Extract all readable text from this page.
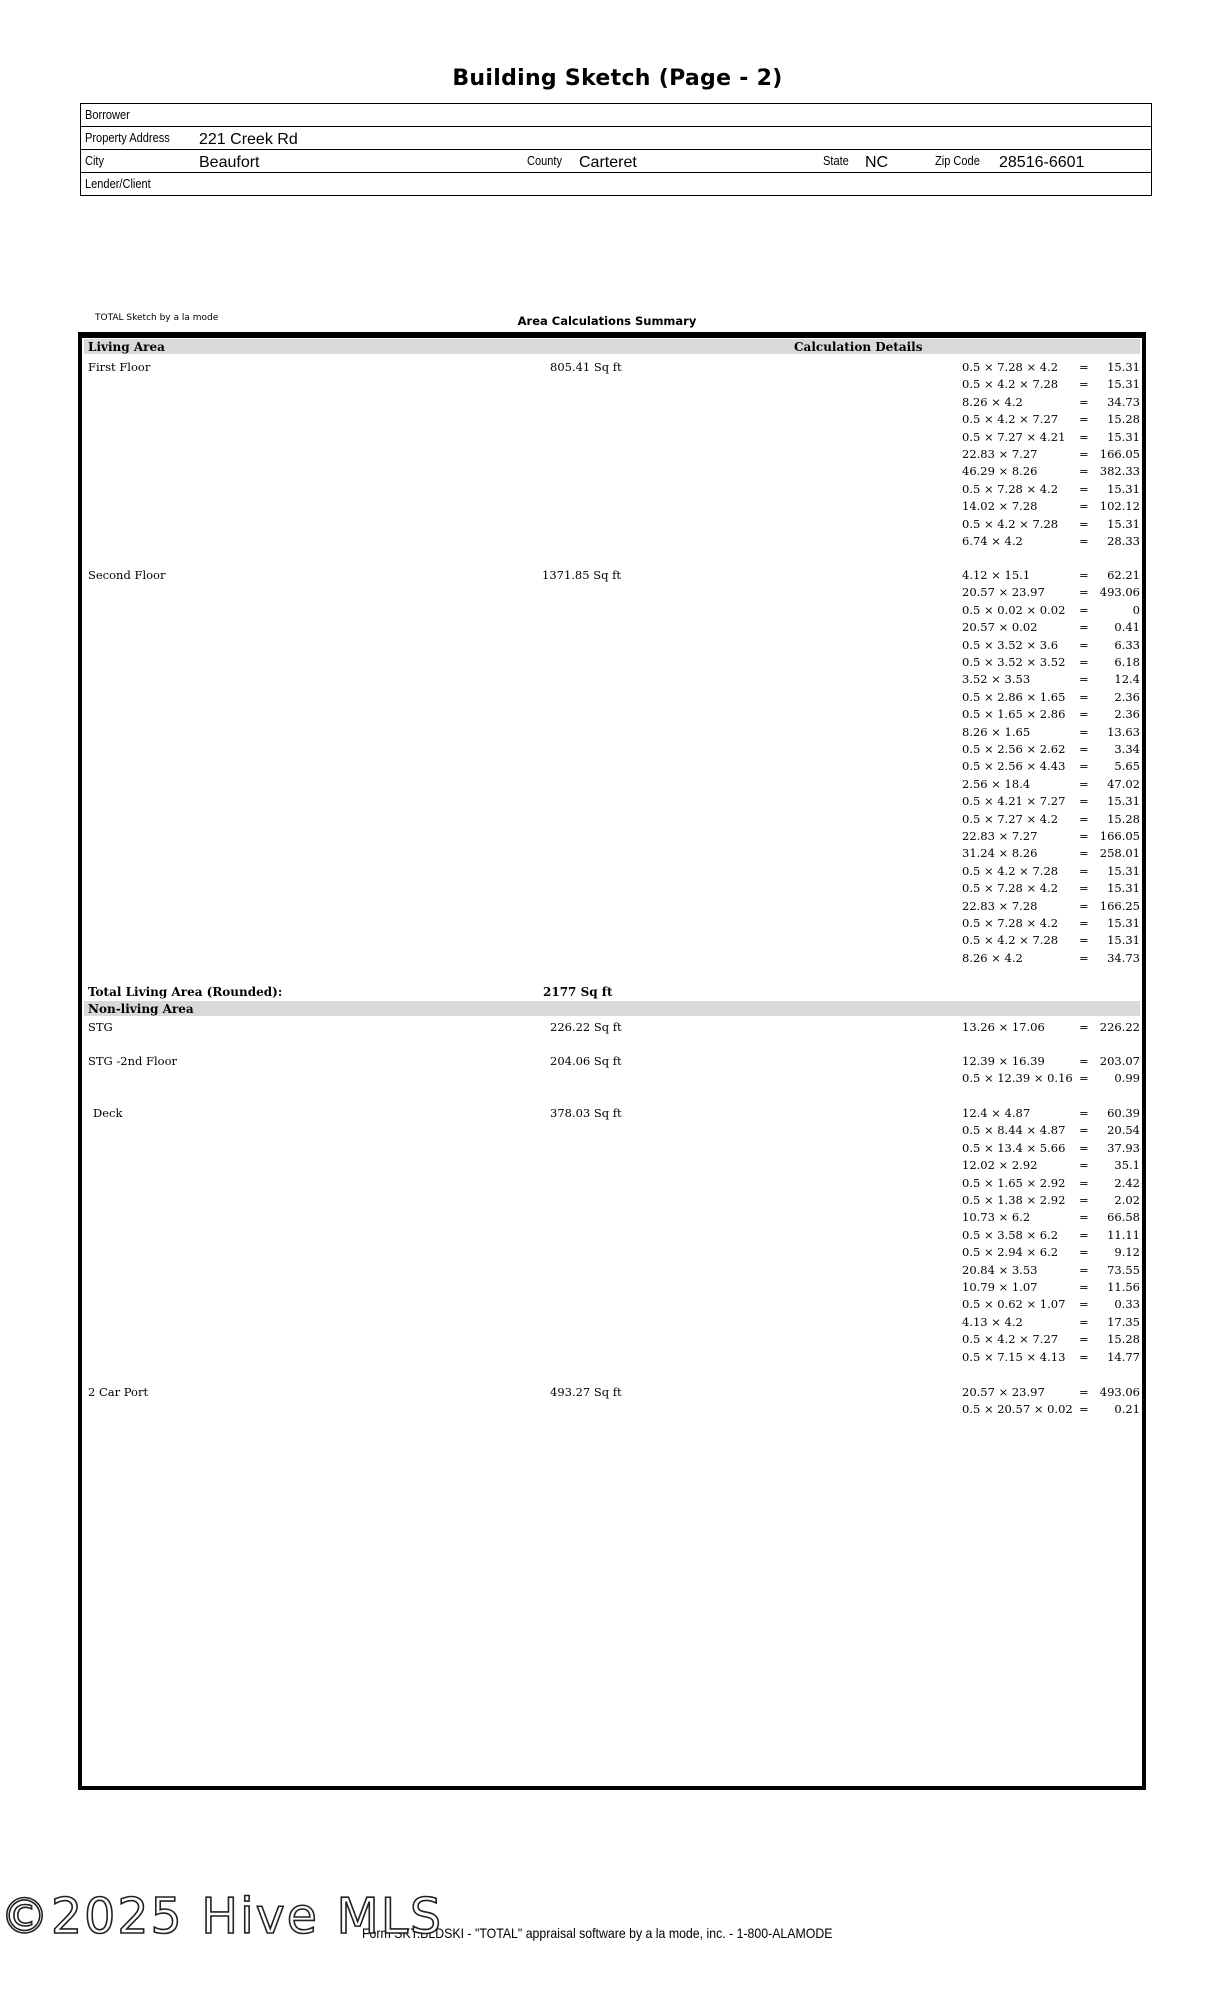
Building Sketch (Page - 2)
Borrower
Property Address 221 Creek Rd
City	Beaufort	County Carteret	State NC	Zip Code 28516-6601
Lender/Client
TOTAL Sketch by a la mode	Area Calculations Summary
Living Area	Calculation Details
First Floor	805.41 Sq ft	0.5 × 7.28 × 4.2 = 15.31
0.5 × 4.2 × 7.28 = 15.31
8.26 × 4.2	= 34.73
0.5 × 4.2 × 7.27 = 15.28
0.5 × 7.27 × 4.21 = 15.31
22.83 × 7.27	= 166.05
46.29 × 8.26	= 382.33
0.5 × 7.28 × 4.2 = 15.31
14.02 × 7.28	= 102.12
0.5 × 4.2 × 7.28 = 15.31
6.74 × 4.2	= 28.33
Second Floor	1371.85 Sq ft	4.12 × 15.1	= 62.21
20.57 × 23.97	= 493.06
0.5 × 0.02 × 0.02 =	0
20.57 × 0.02	= 0.41
0.5 × 3.52 × 3.6 = 6.33
0.5 × 3.52 × 3.52 = 6.18
3.52 × 3.53	= 12.4
0.5 × 2.86 × 1.65 = 2.36
0.5 × 1.65 × 2.86 = 2.36
8.26 × 1.65	= 13.63
0.5 × 2.56 × 2.62 = 3.34
0.5 × 2.56 × 4.43 = 5.65
2.56 × 18.4	= 47.02
0.5 × 4.21 × 7.27 = 15.31
0.5 × 7.27 × 4.2 = 15.28
22.83 × 7.27	= 166.05
31.24 × 8.26	= 258.01
0.5 × 4.2 × 7.28 = 15.31
0.5 × 7.28 × 4.2 = 15.31
22.83 × 7.28	= 166.25
0.5 × 7.28 × 4.2 = 15.31
0.5 × 4.2 × 7.28 = 15.31
8.26 × 4.2	= 34.73
STG	226.22 Sq ft	13.26 × 17.06	= 226.22
STG -2nd Floor	204.06 Sq ft	12.39 × 16.39	= 203.07
0.5 × 12.39 × 0.16 = 0.99
Deck	378.03 Sq ft	12.4 × 4.87	= 60.39
0.5 × 8.44 × 4.87 = 20.54
0.5 × 13.4 × 5.66 = 37.93
12.02 × 2.92	= 35.1
0.5 × 1.65 × 2.92 = 2.42
0.5 × 1.38 × 2.92 = 2.02
10.73 × 6.2	= 66.58
0.5 × 3.58 × 6.2 = 11.11
0.5 × 2.94 × 6.2 = 9.12
20.84 × 3.53	= 73.55
10.79 × 1.07	= 11.56
0.5 × 0.62 × 1.07 = 0.33
4.13 × 4.2	= 17.35
0.5 × 4.2 × 7.27 = 15.28
0.5 × 7.15 × 4.13 = 14.77
2 Car Port	493.27 Sq ft	20.57 × 23.97	= 493.06
0.5 × 20.57 × 0.02 = 0.21
Total Living Area (Rounded):	2177 Sq ft
Non-living Area
Form SKT.BLDSKI - "TOTAL" appraisal software by a la mode, inc. - 1-800-ALAMODE
©2025 Hive MLS
